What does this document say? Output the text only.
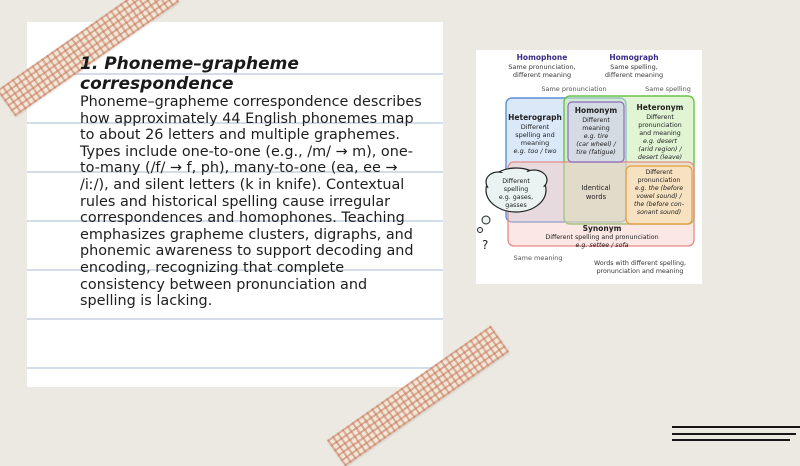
1. Phoneme–grapheme correspondence

Phoneme–grapheme correspondence describes how approximately 44 English phonemes map to about 26 letters and multiple graphemes. Types include one-to-one (e.g., /m/ → m), one-to-many (/f/ → f, ph), many-to-one (ea, ee → /iː/), and silent letters (k in knife). Contextual rules and historical spelling cause irregular correspondences and homophones. Teaching emphasizes grapheme clusters, digraphs, and phonemic awareness to support decoding and encoding, recognizing that complete consistency between pronunciation and spelling is lacking.

Homophone
Same pronunciation,
different meaning
Homograph
Same spelling,
different meaning
Same pronunciation	Same spelling
Heterograph
Different
spelling and
meaning
e.g. too / two
Homonym
Different
meaning
e.g. tire
(car wheel) /
tire (fatigue)
Heteronym
Different
pronunciation
and meaning
e.g. desert
(arid region) /
desert (leave)
Different
spelling
e.g. gases,
gasses
Identical
words
Different
pronunciation
e.g. the (before
vowel sound) /
the (before con-
sonant sound)
Synonym
Different spelling and pronunciation
e.g. settee / sofa
?
Same meaning
Words with different spelling,
pronunciation and meaning
